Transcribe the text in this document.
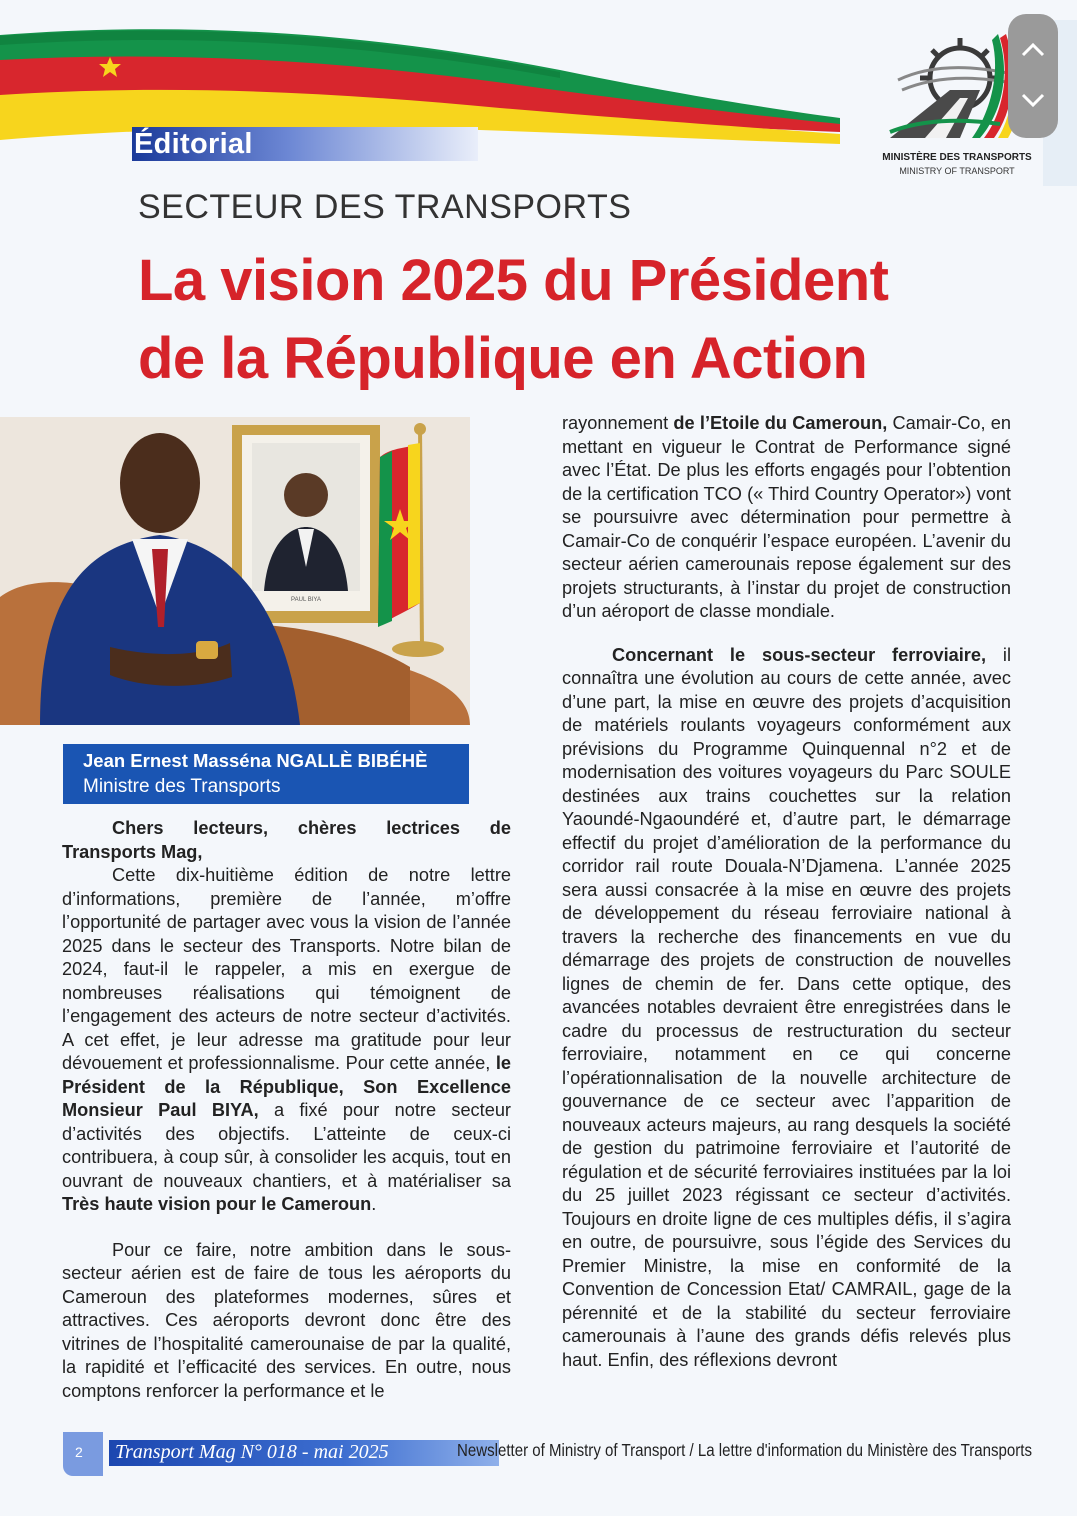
MINISTÈRE DES TRANSPORTS
MINISTRY OF TRANSPORT
Éditorial
SECTEUR DES TRANSPORTS
La vision 2025 du Président
de la République en Action
PAUL BIYA
Jean Ernest Masséna NGALLÈ BIBÉHÈ
Ministre des Transports

Chers lecteurs, chères lectrices de Transports Mag,

Cette dix-huitième édition de notre lettre d’informations, première de l’année, m’offre l’opportunité de partager avec vous la vision de l’année 2025 dans le secteur des Transports. Notre bilan de 2024, faut-il le rappeler, a mis en exergue de nombreuses réalisations qui témoignent de l’engagement des acteurs de notre secteur d’activités. A cet effet, je leur adresse ma gratitude pour leur dévouement et professionnalisme. Pour cette année, le Président de la République, Son Excellence Monsieur Paul BIYA, a fixé pour notre secteur d’activités des objectifs. L’atteinte de ceux-ci contribuera, à coup sûr, à consolider les acquis, tout en ouvrant de nouveaux chantiers, et à matérialiser sa Très haute vision pour le Cameroun.

Pour ce faire, notre ambition dans le sous-secteur aérien est de faire de tous les aéroports du Cameroun des plateformes modernes, sûres et attractives. Ces aéroports devront donc être des vitrines de l’hospitalité camerounaise de par la qualité, la rapidité et l’efficacité des services. En outre, nous comptons renforcer la performance et le

rayonnement de l’Etoile du Cameroun, Camair-Co, en mettant en vigueur le Contrat de Performance signé avec l’État. De plus les efforts engagés pour l’obtention de la certification TCO (« Third Country Operator») vont se poursuivre avec détermination pour permettre à Camair-Co de conquérir l’espace européen. L’avenir du secteur aérien camerounais repose également sur des projets structurants, à l’instar du projet de construction d’un aéroport de classe mondiale.

Concernant le sous-secteur ferroviaire, il connaîtra une évolution au cours de cette année, avec d’une part, la mise en œuvre des projets d’acquisition de matériels roulants voyageurs conformément aux prévisions du Programme Quinquennal n°2 et de modernisation des voitures voyageurs du Parc SOULE destinées aux trains couchettes sur la relation Yaoundé-Ngaoundéré et, d’autre part, le démarrage effectif du projet d’amélioration de la performance du corridor rail route Douala-N’Djamena. L’année 2025 sera aussi consacrée à la mise en œuvre des projets de développement du réseau ferroviaire national à travers la recherche des financements en vue du démarrage des projets de construction de nouvelles lignes de chemin de fer. Dans cette optique, des avancées notables devraient être enregistrées dans le cadre du processus de restructuration du secteur ferroviaire, notamment en ce qui concerne l’opérationnalisation de la nouvelle architecture de gouvernance de ce secteur avec l’apparition de nouveaux acteurs majeurs, au rang desquels la société de gestion du patrimoine ferroviaire et l’autorité de régulation et de sécurité ferroviaires instituées par la loi du 25 juillet 2023 régissant ce secteur d’activités. Toujours en droite ligne de ces multiples défis, il s’agira en outre, de poursuivre, sous l’égide des Services du Premier Ministre, la mise en conformité de la Convention de Concession Etat/ CAMRAIL, gage de la pérennité et de la stabilité du secteur ferroviaire camerounais à l’aune des grands défis relevés plus haut. Enfin, des réflexions devront

2 Transport Mag N° 018 - mai 2025	Newsletter of Ministry of Transport / La lettre d'information du Ministère des Transports
